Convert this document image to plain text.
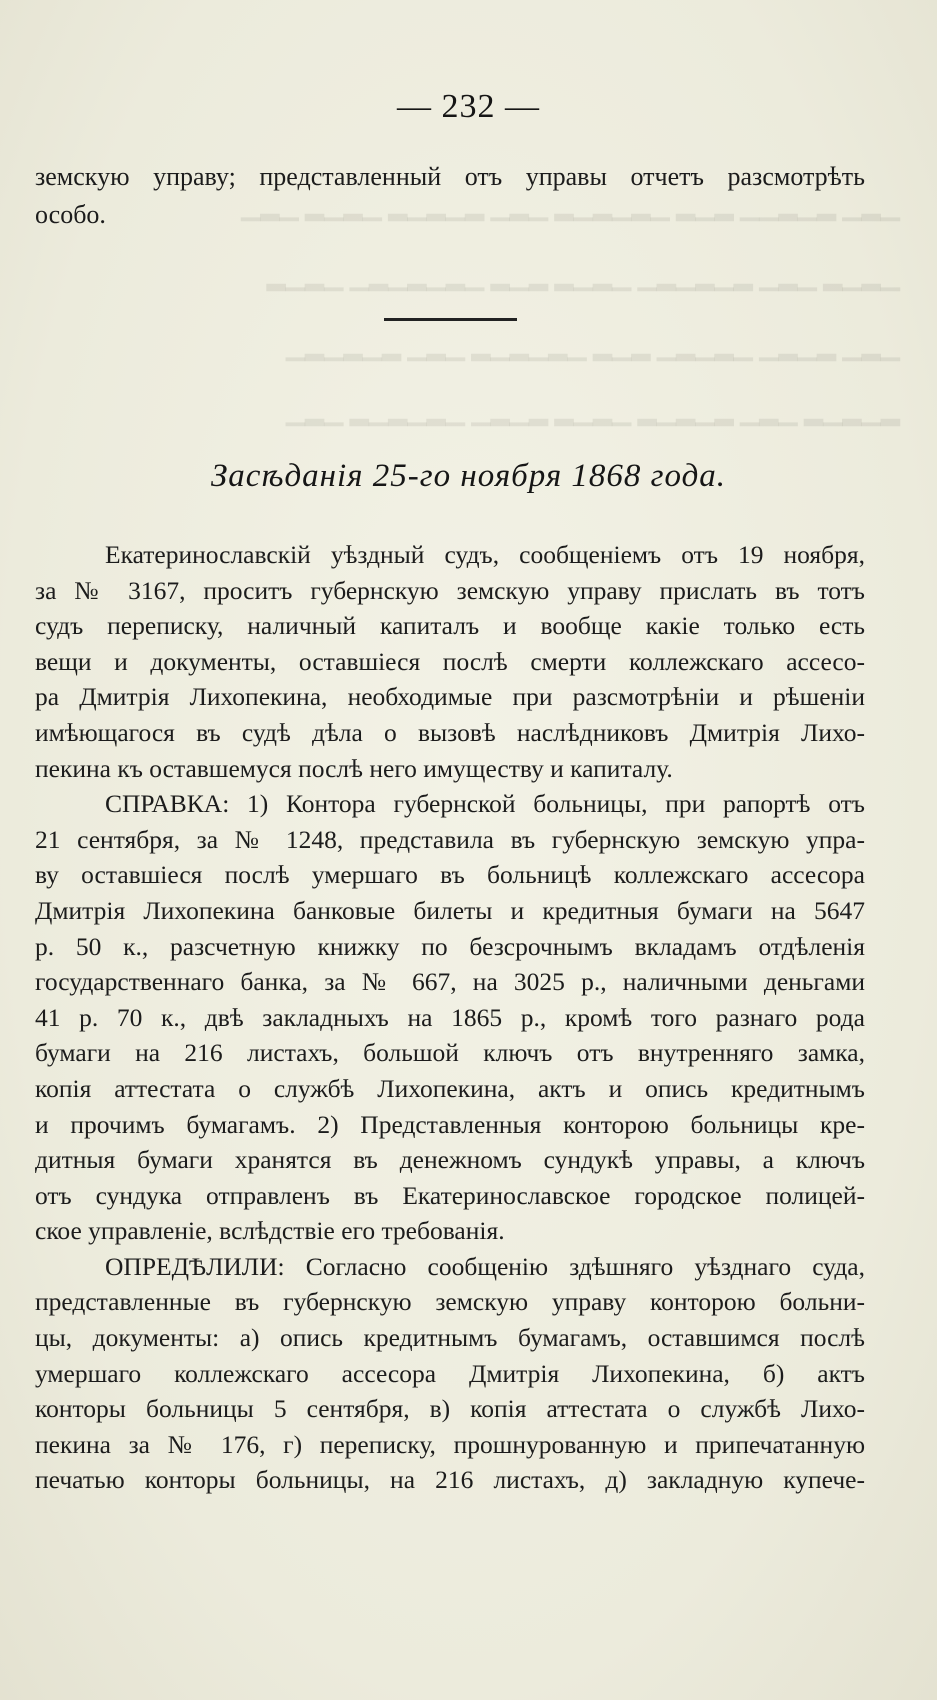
▁▂▁ ▂▁▂▁▁ ▂▁▂ ▁▂▁▂▁▂ ▁▂▁ ▂▁▂▁▂ ▁▂▁▂ ▁▂▁
▁▂▁▂ ▁▂▁ ▂▁▂▁▂▁ ▁▂▁▂ ▂▁▂ ▁▂▁▂▁▂▁ ▁▂▁▂
▁▂▁ ▂▁▂▁ ▁▂▁▂▁ ▂▁▂ ▁▂▁▂▁▂ ▁▂▁ ▂▁▂▁▂▁
▂▁▂▁▂ ▁▂▁ ▂▁▂▁▂ ▁▂▁▂ ▂▁▂▁ ▁▂▁▂▁▂ ▁▂▁
— 232 —
земскую управу; представленный отъ управы отчетъ разсмотрѣть
особо.
Засѣданія 25-го ноября 1868 года.
Екатеринославскій уѣздный судъ, сообщеніемъ отъ 19 ноября,
за № 3167, проситъ губернскую земскую управу прислать въ тотъ
судъ переписку, наличный капиталъ и вообще какіе только есть
вещи и документы, оставшіеся послѣ смерти коллежскаго ассесо-
ра Дмитрія Лихопекина, необходимые при разсмотрѣніи и рѣшеніи
имѣющагося въ судѣ дѣла о вызовѣ наслѣдниковъ Дмитрія Лихо-
пекина къ оставшемуся послѣ него имуществу и капиталу.
СПРАВКА: 1) Контора губернской больницы, при рапортѣ отъ
21 сентября, за № 1248, представила въ губернскую земскую упра-
ву оставшіеся послѣ умершаго въ больницѣ коллежскаго ассесора
Дмитрія Лихопекина банковые билеты и кредитныя бумаги на 5647
р. 50 к., разсчетную книжку по безсрочнымъ вкладамъ отдѣленія
государственнаго банка, за № 667, на 3025 р., наличными деньгами
41 р. 70 к., двѣ закладныхъ на 1865 р., кромѣ того разнаго рода
бумаги на 216 листахъ, большой ключъ отъ внутренняго замка,
копія аттестата о службѣ Лихопекина, актъ и опись кредитнымъ
и прочимъ бумагамъ. 2) Представленныя конторою больницы кре-
дитныя бумаги хранятся въ денежномъ сундукѣ управы, а ключъ
отъ сундука отправленъ въ Екатеринославское городское полицей-
ское управленіе, вслѣдствіе его требованія.
ОПРЕДѢЛИЛИ: Согласно сообщенію здѣшняго уѣзднаго суда,
представленные въ губернскую земскую управу конторою больни-
цы, документы: а) опись кредитнымъ бумагамъ, оставшимся послѣ
умершаго коллежскаго ассесора Дмитрія Лихопекина, б) актъ
конторы больницы 5 сентября, в) копія аттестата о службѣ Лихо-
пекина за № 176, г) переписку, прошнурованную и припечатанную
печатью конторы больницы, на 216 листахъ, д) закладную купече-
